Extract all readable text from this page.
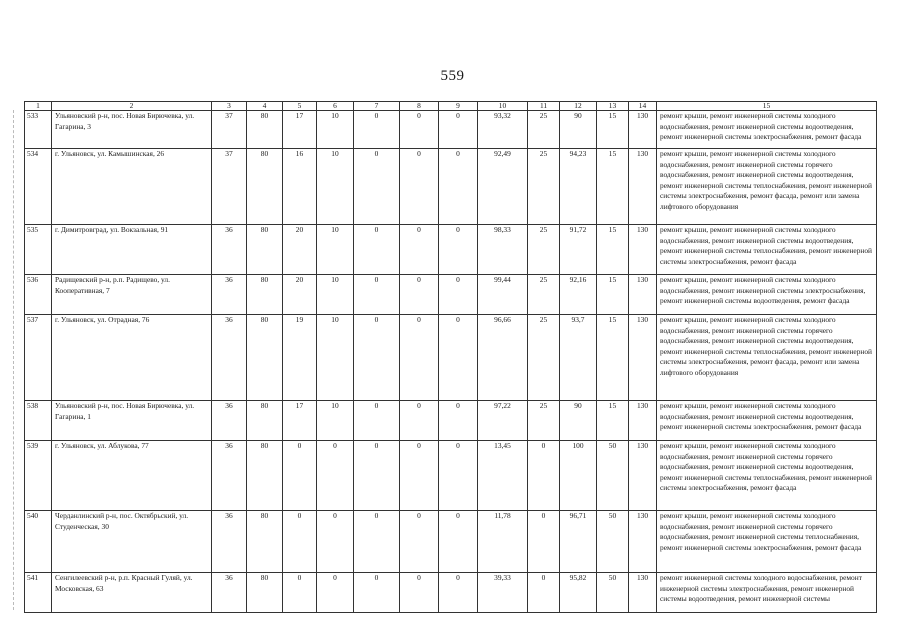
559
1	2	3	4	5	6	7	8	9	10	11	12	13	14	15
533	Ульяновский р-н, пос. Новая Бирючевка, ул. Гагарина, 3	37	80	17	10	0	0	0	93,32	25	90	15	130	ремонт крыши, ремонт инженерной системы холодного водоснабжения, ремонт инженерной системы водоотведения, ремонт инженерной системы электроснабжения, ремонт фасада
534	г. Ульяновск, ул. Камышинская, 26	37	80	16	10	0	0	0	92,49	25	94,23	15	130	ремонт крыши, ремонт инженерной системы холодного водоснабжения, ремонт инженерной системы горячего водоснабжения, ремонт инженерной системы водоотведения, ремонт инженерной системы теплоснабжения, ремонт инженерной системы электроснабжения, ремонт фасада, ремонт или замена лифтового оборудования
535	г. Димитровград, ул. Вокзальная, 91	36	80	20	10	0	0	0	98,33	25	91,72	15	130	ремонт крыши, ремонт инженерной системы холодного водоснабжения, ремонт инженерной системы водоотведения, ремонт инженерной системы теплоснабжения, ремонт инженерной системы электроснабжения, ремонт фасада
536	Радищевский р-н, р.п. Радищево, ул. Кооперативная, 7	36	80	20	10	0	0	0	99,44	25	92,16	15	130	ремонт крыши, ремонт инженерной системы холодного водоснабжения, ремонт инженерной системы электроснабжения, ремонт инженерной системы водоотведения, ремонт фасада
537	г. Ульяновск, ул. Отрадная, 76	36	80	19	10	0	0	0	96,66	25	93,7	15	130	ремонт крыши, ремонт инженерной системы холодного водоснабжения, ремонт инженерной системы горячего водоснабжения, ремонт инженерной системы водоотведения, ремонт инженерной системы теплоснабжения, ремонт инженерной системы электроснабжения, ремонт фасада, ремонт или замена лифтового оборудования
538	Ульяновский р-н, пос. Новая Бирючевка, ул. Гагарина, 1	36	80	17	10	0	0	0	97,22	25	90	15	130	ремонт крыши, ремонт инженерной системы холодного водоснабжения, ремонт инженерной системы водоотведения, ремонт инженерной системы электроснабжения, ремонт фасада
539	г. Ульяновск, ул. Аблукова, 77	36	80	0	0	0	0	0	13,45	0	100	50	130	ремонт крыши, ремонт инженерной системы холодного водоснабжения, ремонт инженерной системы горячего водоснабжения, ремонт инженерной системы водоотведения, ремонт инженерной системы теплоснабжения, ремонт инженерной системы электроснабжения, ремонт фасада
540	Черданлинский р-н, пос. Октябрьский, ул. Студенческая, 30	36	80	0	0	0	0	0	11,78	0	96,71	50	130	ремонт крыши, ремонт инженерной системы холодного водоснабжения, ремонт инженерной системы горячего водоснабжения, ремонт инженерной системы теплоснабжения, ремонт инженерной системы электроснабжения, ремонт фасада
541	Сенгилеевский р-н, р.п. Красный Гуляй, ул. Московская, 63	36	80	0	0	0	0	0	39,33	0	95,82	50	130	ремонт инженерной системы холодного водоснабжения, ремонт инженерной системы электроснабжения, ремонт инженерной системы водоотведения, ремонт инженерной системы
